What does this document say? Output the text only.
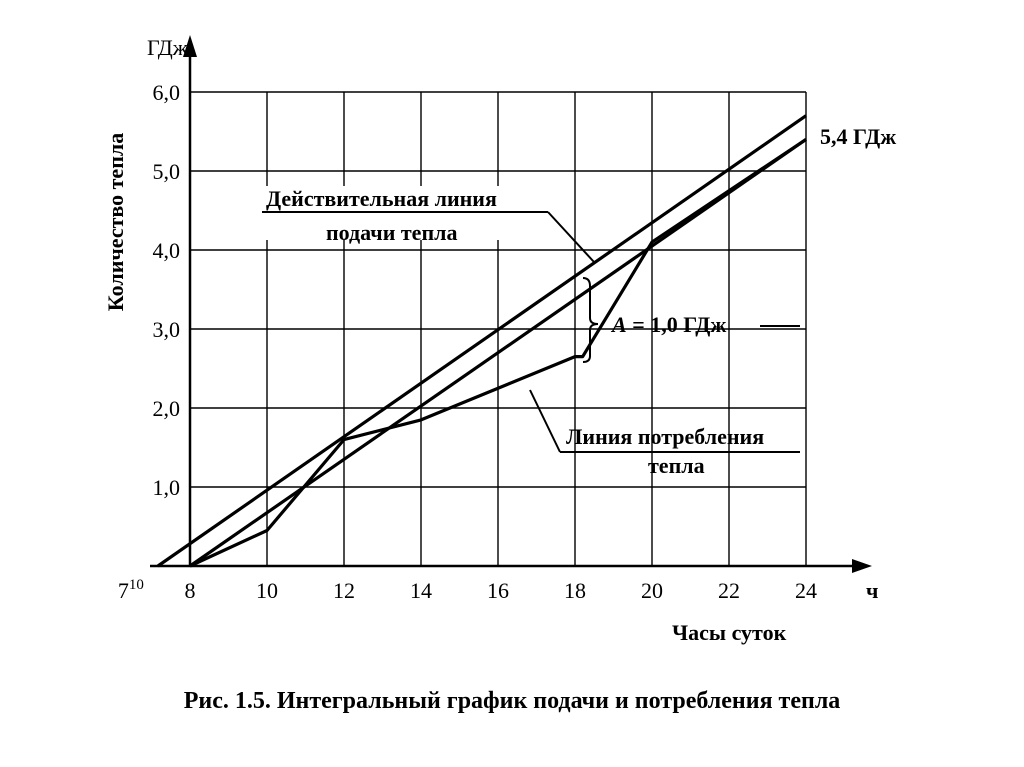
$7^{10}$ 8	10	12	14	16	18	20	22	24
1,0
2,0
3,0
4,0
5,0
6,0
ГДж
ч
Часы суток
Количество тепла	Действительная линия
подачи тепла
Линия потребления
тепла
5,4 ГДж
A = 1,0 ГДж
Рис. 1.5. Интегральный график подачи и потребления тепла
